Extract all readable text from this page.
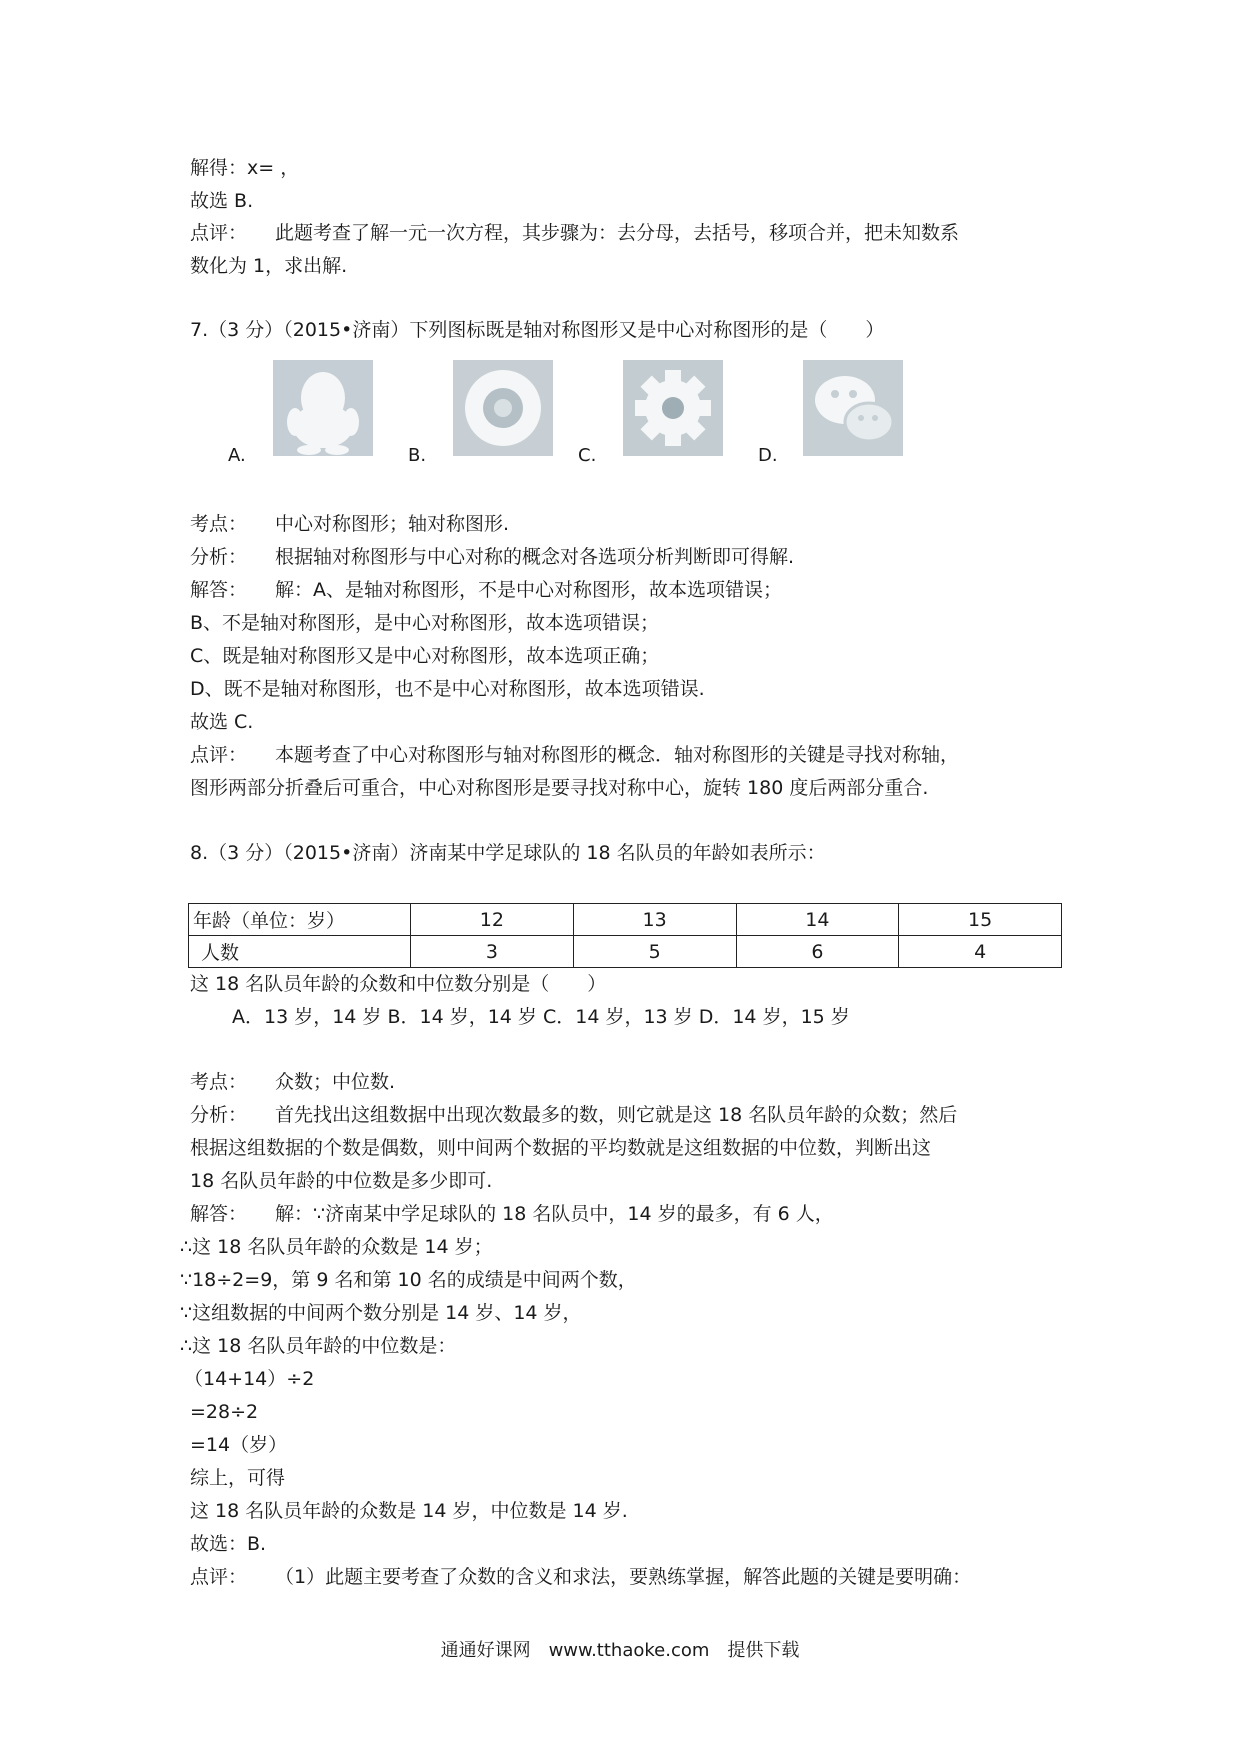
解得：x= ，
故选 B.
点评： 此题考查了解一元一次方程，其步骤为：去分母，去括号，移项合并，把未知数系
数化为 1，求出解.
7.（3 分）（2015•济南）下列图标既是轴对称图形又是中心对称图形的是（　　）
A.	B.	C.	D.
考点： 中心对称图形；轴对称图形.
分析： 根据轴对称图形与中心对称的概念对各选项分析判断即可得解.
解答： 解：A、是轴对称图形，不是中心对称图形，故本选项错误；
B、不是轴对称图形，是中心对称图形，故本选项错误；
C、既是轴对称图形又是中心对称图形，故本选项正确；
D、既不是轴对称图形，也不是中心对称图形，故本选项错误.
故选 C.
点评： 本题考查了中心对称图形与轴对称图形的概念．轴对称图形的关键是寻找对称轴，
图形两部分折叠后可重合，中心对称图形是要寻找对称中心，旋转 180 度后两部分重合.
8.（3 分）（2015•济南）济南某中学足球队的 18 名队员的年龄如表所示：
年龄（单位：岁）	12	13	14	15
人数	3	5	6	4
这 18 名队员年龄的众数和中位数分别是（　　）
A．13 岁，14 岁 B．14 岁，14 岁 C．14 岁，13 岁 D．14 岁，15 岁
考点： 众数；中位数.
分析： 首先找出这组数据中出现次数最多的数，则它就是这 18 名队员年龄的众数；然后
根据这组数据的个数是偶数，则中间两个数据的平均数就是这组数据的中位数，判断出这
18 名队员年龄的中位数是多少即可.
解答： 解：∵济南某中学足球队的 18 名队员中，14 岁的最多，有 6 人，
∴这 18 名队员年龄的众数是 14 岁；
∵18÷2=9，第 9 名和第 10 名的成绩是中间两个数，
∵这组数据的中间两个数分别是 14 岁、14 岁，
∴这 18 名队员年龄的中位数是：
（14+14）÷2
=28÷2
=14（岁）
综上，可得
这 18 名队员年龄的众数是 14 岁，中位数是 14 岁.
故选：B.
点评： （1）此题主要考查了众数的含义和求法，要熟练掌握，解答此题的关键是要明确：
通通好课网　www.tthaoke.com　提供下载
